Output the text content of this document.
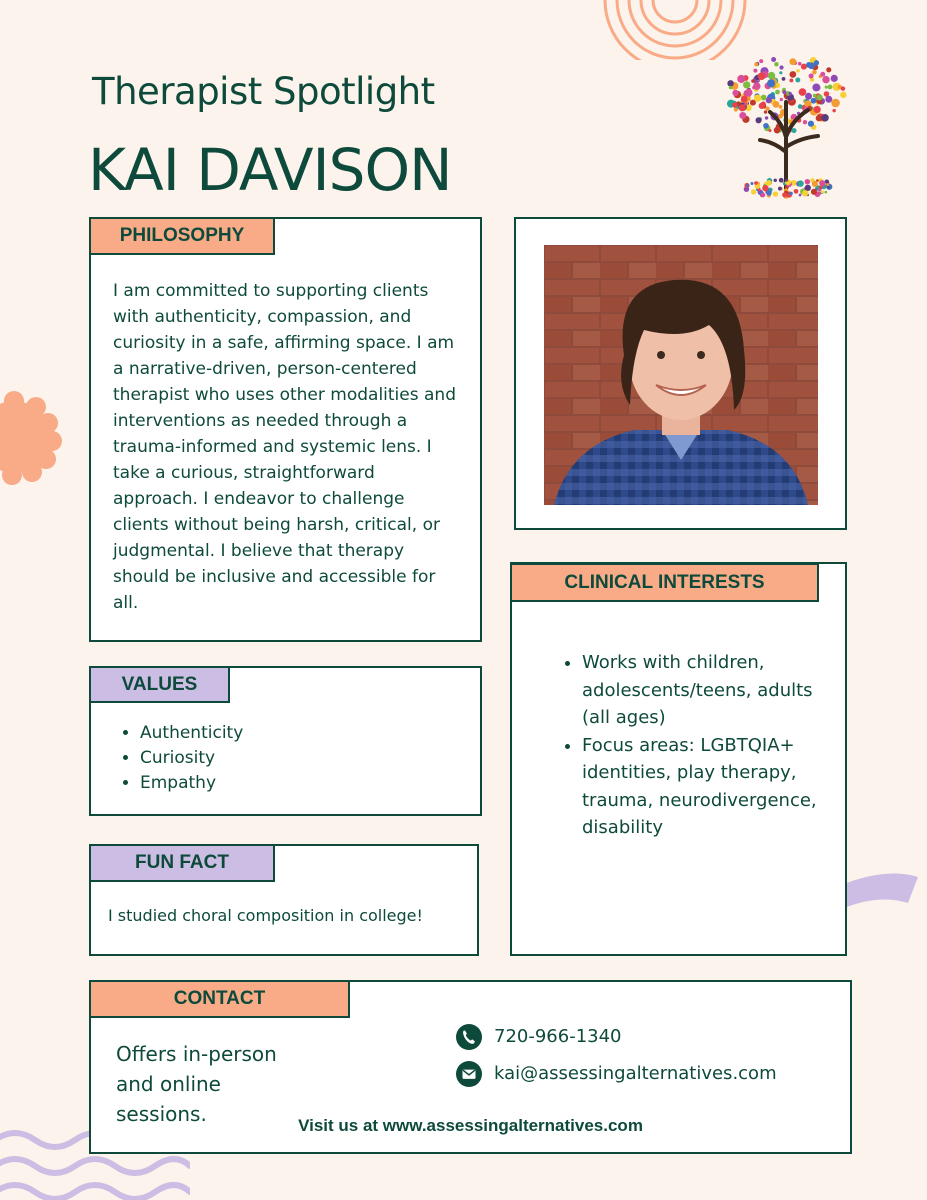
Therapist Spotlight
KAI DAVISON
I am committed to supporting clients with authenticity, compassion, and curiosity in a safe, affirming space. I am a narrative-driven, person-centered therapist who uses other modalities and interventions as needed through a trauma-informed and systemic lens. I take a curious, straightforward approach. I endeavor to challenge clients without being harsh, critical, or judgmental. I believe that therapy should be inclusive and accessible for all.
PHILOSOPHY
• Works with children, adolescents/teens, adults (all ages)
• Focus areas: LGBTQIA+ identities, play therapy, trauma, neurodivergence, disability
CLINICAL INTERESTS
• Authenticity
• Curiosity
• Empathy
VALUES
I studied choral composition in college!
FUN FACT
Offers in-person and online sessions.
720-966-1340
kai@assessingalternatives.com
Visit us at www.assessingalternatives.com
CONTACT
